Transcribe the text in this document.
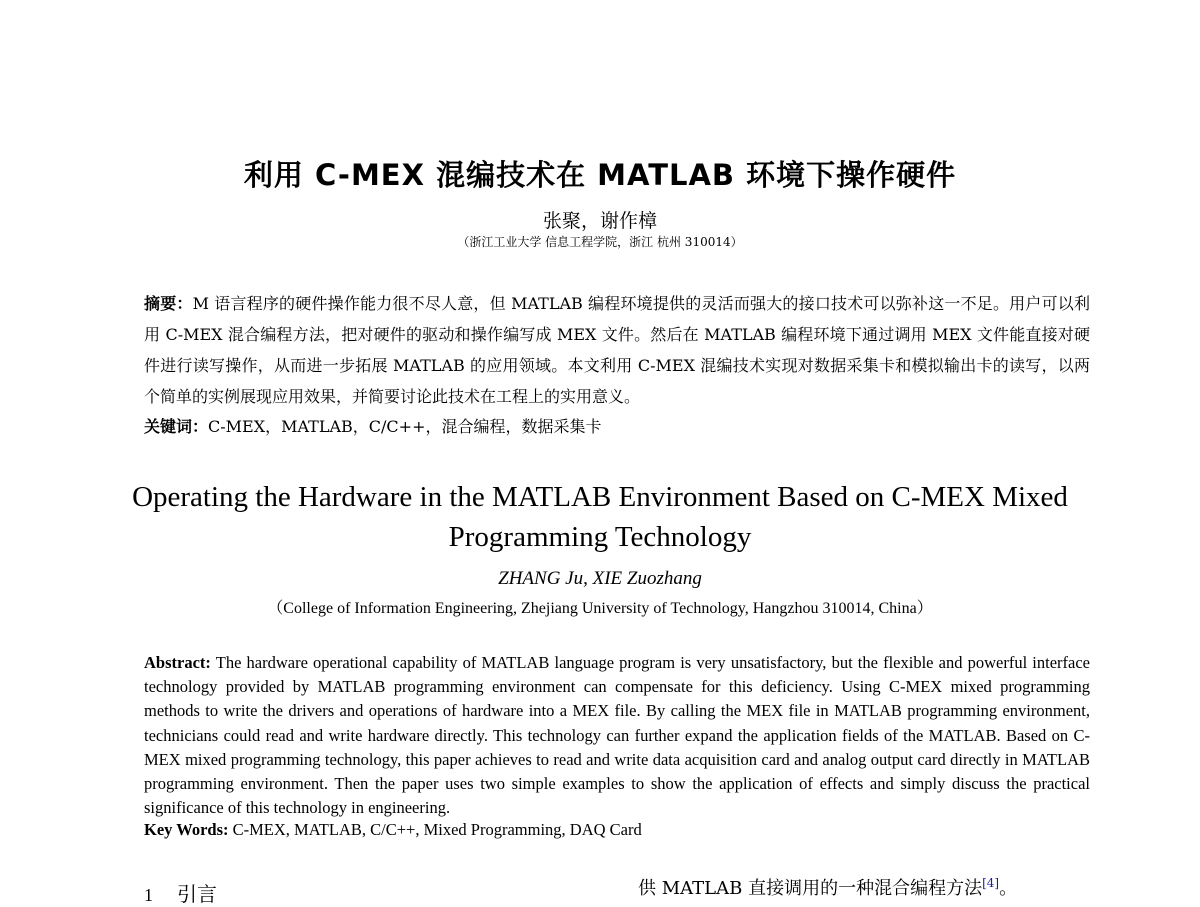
利用 C-MEX 混编技术在 MATLAB 环境下操作硬件
张聚，谢作樟
（浙江工业大学 信息工程学院，浙江 杭州 310014）
摘要：M 语言程序的硬件操作能力很不尽人意，但 MATLAB 编程环境提供的灵活而强大的接口技术可以弥补这一不足。用户可以利用 C-MEX 混合编程方法，把对硬件的驱动和操作编写成 MEX 文件。然后在 MATLAB 编程环境下通过调用 MEX 文件能直接对硬件进行读写操作，从而进一步拓展 MATLAB 的应用领域。本文利用 C-MEX 混编技术实现对数据采集卡和模拟输出卡的读写，以两个简单的实例展现应用效果，并简要讨论此技术在工程上的实用意义。
关键词：C-MEX，MATLAB，C/C++，混合编程，数据采集卡
Operating the Hardware in the MATLAB Environment Based on C-MEX Mixed Programming Technology
ZHANG Ju, XIE Zuozhang
（College of Information Engineering, Zhejiang University of Technology, Hangzhou 310014, China）
Abstract: The hardware operational capability of MATLAB language program is very unsatisfactory, but the flexible and powerful interface technology provided by MATLAB programming environment can compensate for this deficiency. Using C-MEX mixed programming methods to write the drivers and operations of hardware into a MEX file. By calling the MEX file in MATLAB programming environment, technicians could read and write hardware directly. This technology can further expand the application fields of the MATLAB. Based on C-MEX mixed programming technology, this paper achieves to read and write data acquisition card and analog output card directly in MATLAB programming environment. Then the paper uses two simple examples to show the application of effects and simply discuss the practical significance of this technology in engineering.
Key Words: C-MEX, MATLAB, C/C++, Mixed Programming, DAQ Card
1 引言	供 MATLAB 直接调用的一种混合编程方法[4]。
